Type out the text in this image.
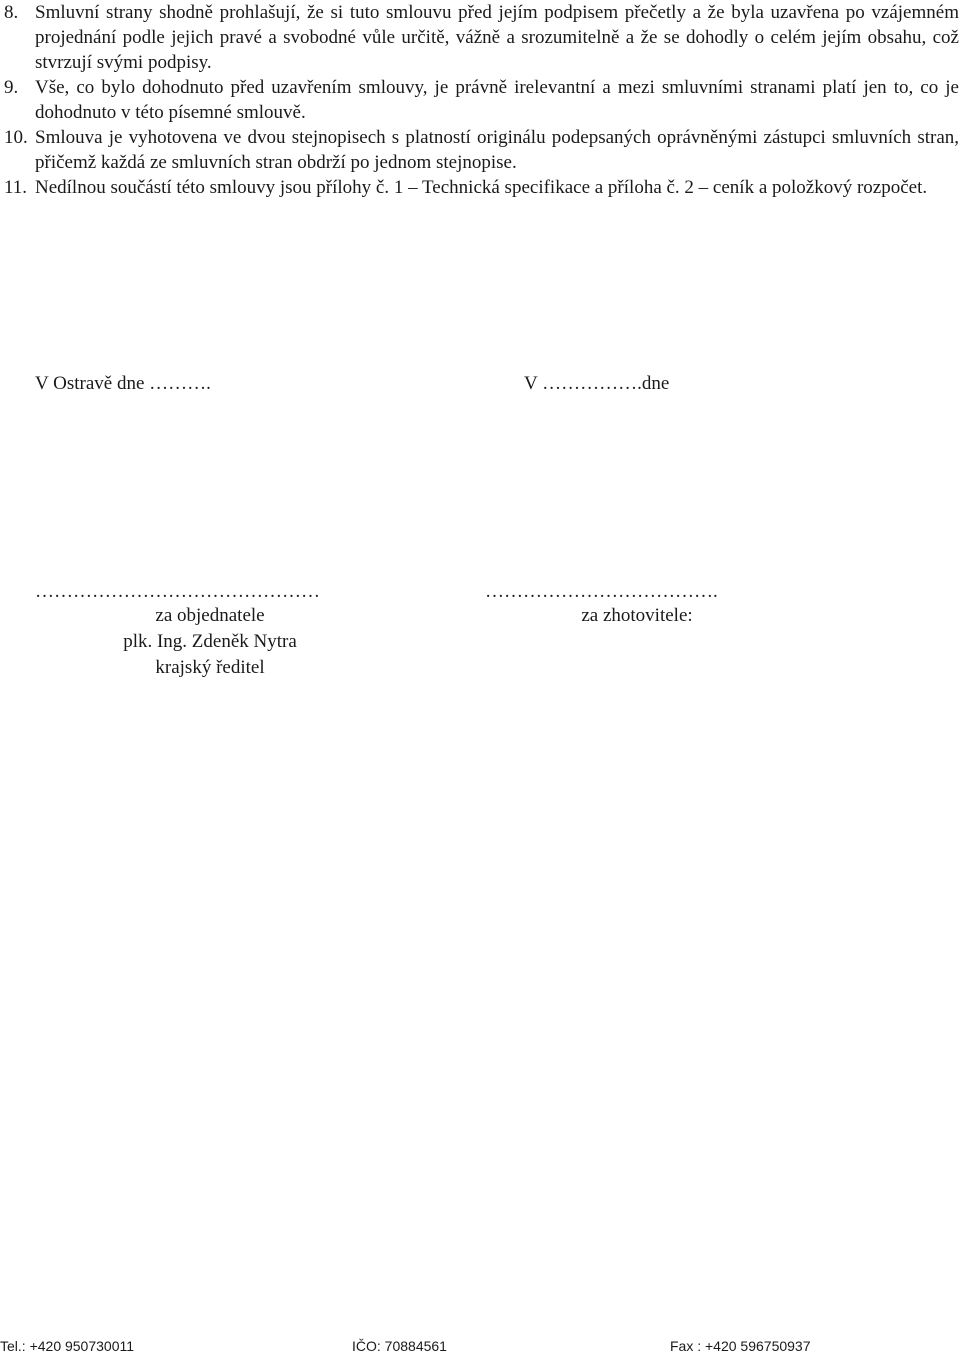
8. Smluvní strany shodně prohlašují, že si tuto smlouvu před jejím podpisem přečetly a že byla uzavřena po vzájemném projednání podle jejich pravé a svobodné vůle určitě, vážně a srozumitelně a že se dohodly o celém jejím obsahu, což stvrzují svými podpisy.
9. Vše, co bylo dohodnuto před uzavřením smlouvy, je právně irelevantní a mezi smluvními stranami platí jen to, co je dohodnuto v této písemné smlouvě.
10. Smlouva je vyhotovena ve dvou stejnopisech s platností originálu podepsaných oprávněnými zástupci smluvních stran, přičemž každá ze smluvních stran obdrží po jednom stejnopise.
11. Nedílnou součástí této smlouvy jsou přílohy č. 1 – Technická specifikace a příloha č. 2 – ceník a položkový rozpočet.
V Ostravě dne ……….	V …………….dne
………………………………………	……………………………….
za objednatele
plk. Ing. Zdeněk Nytra
krajský ředitel
za zhotovitele:
Tel.: +420 950730011	IČO: 70884561	Fax : +420 596750937
